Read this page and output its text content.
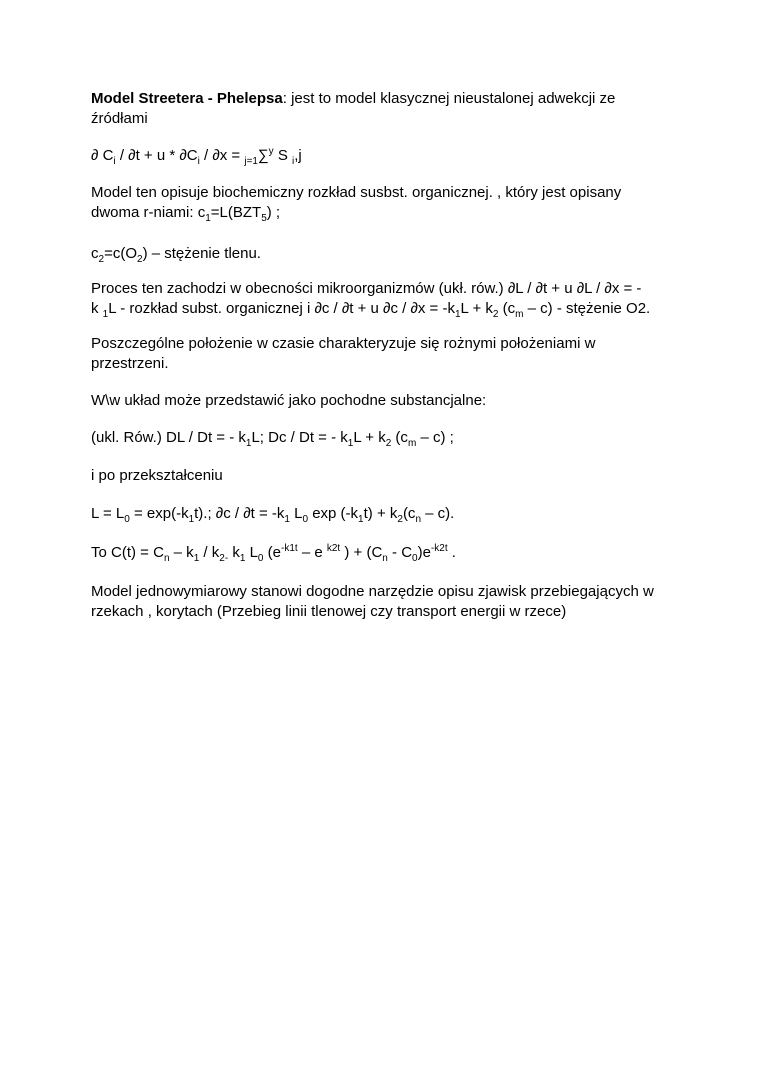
Model Streetera - Phelepsa: jest to model klasycznej nieustalonej adwekcji ze
źródłami

∂ $C_i / \partial t + u * \partial C_i / \partial x = _{j=1}\sum^y$ S $_i$,j

Model ten opisuje biochemiczny rozkład susbst. organicznej. , który jest opisany
dwoma r-niami: $c_1=L(BZT_5)$ ;

$c_2=c(O_2)$ – stężenie tlenu.

Proces ten zachodzi w obecności mikroorganizmów (ukł. rów.) ∂L / ∂t + u ∂L / ∂x = -
k $_1$L - rozkład subst. organicznej i ∂c / ∂t + u $\partial c / \partial x = -k_1L + k_2$ $(c_m - c)$ - stężenie O2.

Poszczególne położenie w czasie charakteryzuje się rożnymi położeniami w
przestrzeni.

W\w układ może przedstawić jako pochodne substancjalne:

(ukl. Rów.) DL / Dt = - $k_1L$; Dc / Dt = - $k_1L + k_2$ $(c_m - c)$ ;

i po przekształceniu

$L = L_0 = \exp(-k_1t)$.; $\partial c / \partial t = -k_1$ $L_0$ $\exp (-k_1t) + k_2(c_n - c)$.

To $C(t) = C_n - k_1 / k_{2-}$ $k_1$ $L_0$ ($e^{-k1t}$ – e $^{k2t}$ ) + $(C_n - C_0)e^{-k2t}$ .

Model jednowymiarowy stanowi dogodne narzędzie opisu zjawisk przebiegających w
rzekach , korytach (Przebieg linii tlenowej czy transport energii w rzece)
